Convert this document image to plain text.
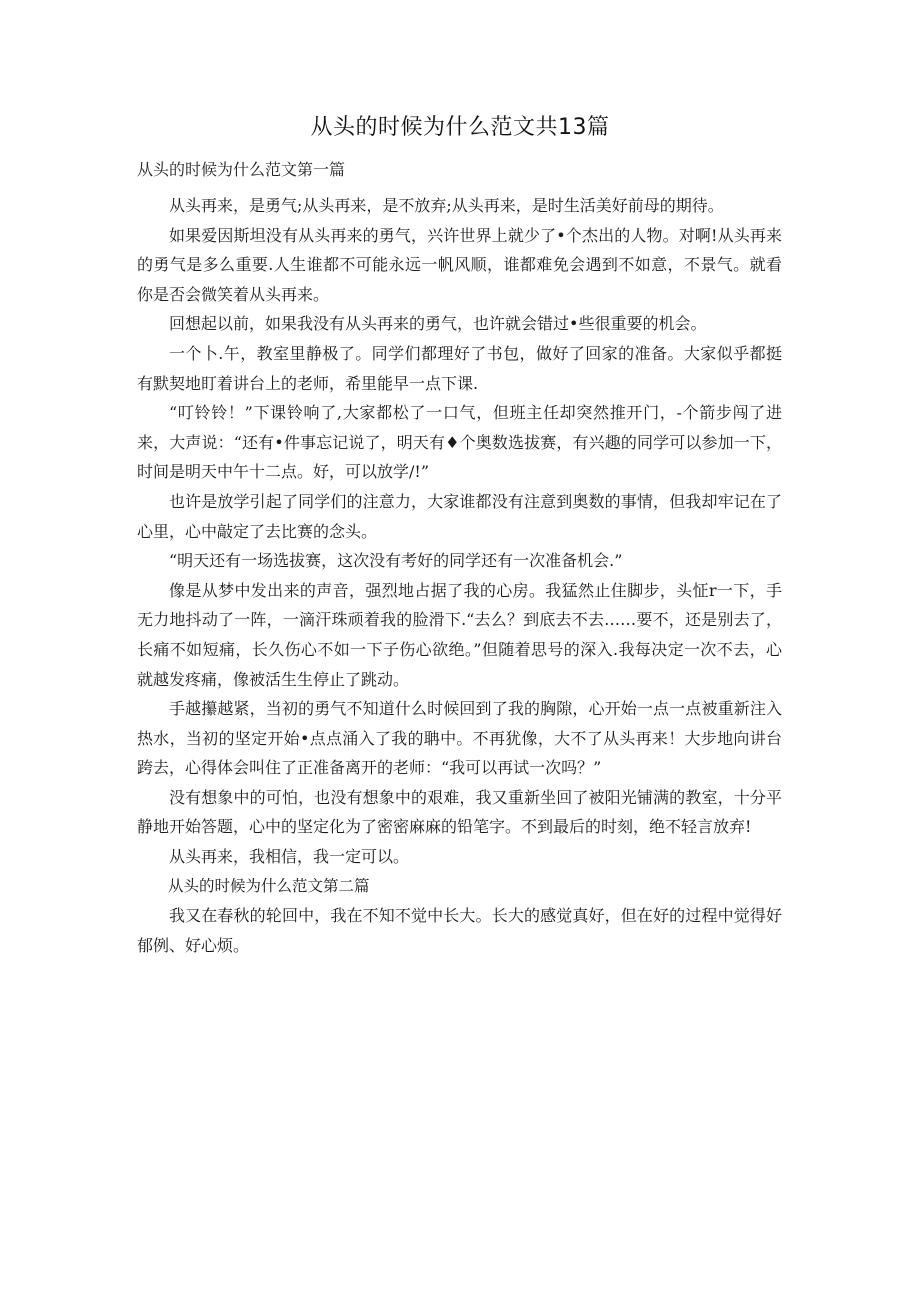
从头的时候为什么范文共13篇
从头的时候为什么范文第一篇

从头再来，是勇气;从头再来，是不放弃;从头再来，是时生活美好前母的期待。

如果爱因斯坦没有从头再来的勇气，兴许世界上就少了•个杰出的人物。对啊!从头再来的勇气是多么重要.人生谁都不可能永远一帆风顺，谁都难免会遇到不如意，不景气。就看你是否会微笑着从头再来。

回想起以前，如果我没有从头再来的勇气，也许就会错过•些很重要的机会。

一个卜.午，教室里静极了。同学们都理好了书包，做好了回家的准备。大家似乎都挺有默契地盯着讲台上的老师，希里能早一点下课.

“叮铃铃！”下课铃响了,大家都松了一口气，但班主任却突然推开门，-个箭步闯了进来，大声说：“还有•件事忘记说了，明天有♦个奥数选拔赛，有兴趣的同学可以参加一下，时间是明天中午十二点。好，可以放学/!”

也许是放学引起了同学们的注意力，大家谁都没有注意到奥数的事情，但我却牢记在了心里，心中敲定了去比赛的念头。

“明天还有一场选拔赛，这次没有考好的同学还有一次准备机会.”

像是从梦中发出来的声音，强烈地占据了我的心房。我猛然止住脚步，头怔r一下，手无力地抖动了一阵，一滴汗珠顽着我的脸滑下.“去么？到底去不去……要不，还是别去了，长痛不如短痛，长久伤心不如一下子伤心欲绝。”但随着思号的深入.我每决定一次不去，心就越发疼痛，像被活生生停止了跳动。

手越攥越紧，当初的勇气不知道什么时候回到了我的胸隙，心开始一点一点被重新注入热水，当初的坚定开始•点点涌入了我的聃中。不再犹像，大不了从头再来！大步地向讲台跨去，心得体会叫住了正准备离开的老师：“我可以再试一次吗？”

没有想象中的可怕，也没有想象中的艰难，我又重新坐回了被阳光铺满的教室，十分平静地开始答题，心中的坚定化为了密密麻麻的铅笔字。不到最后的时刻，绝不轻言放弃!

从头再来，我相信，我一定可以。

从头的时候为什么范文第二篇

我又在春秋的轮回中，我在不知不觉中长大。长大的感觉真好，但在好的过程中觉得好郁例、好心烦。
